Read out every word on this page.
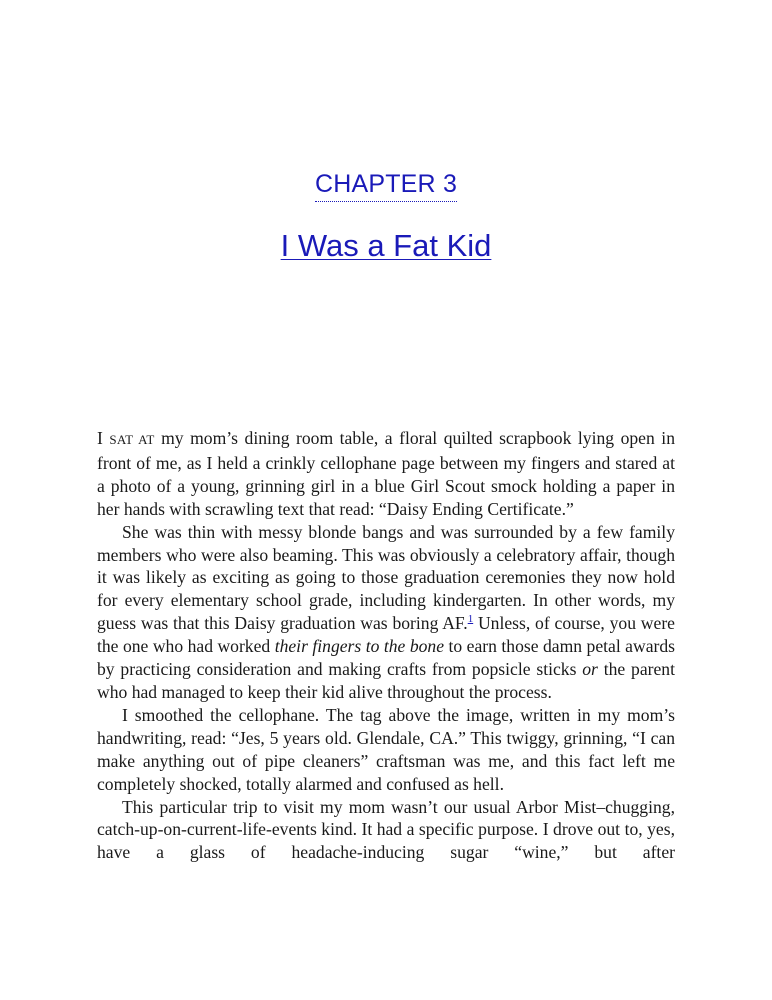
CHAPTER 3
I Was a Fat Kid

I SAT AT my mom’s dining room table, a floral quilted scrapbook lying open in front of me, as I held a crinkly cellophane page between my fingers and stared at a photo of a young, grinning girl in a blue Girl Scout smock holding a paper in her hands with scrawling text that read: “Daisy Ending Certificate.”

She was thin with messy blonde bangs and was surrounded by a few family members who were also beaming. This was obviously a celebratory affair, though it was likely as exciting as going to those graduation ceremonies they now hold for every elementary school grade, including kindergarten. In other words, my guess was that this Daisy graduation was boring AF.$^1$ Unless, of course, you were the one who had worked their fingers to the bone to earn those damn petal awards by practicing consideration and making crafts from popsicle sticks or the parent who had managed to keep their kid alive throughout the process.

I smoothed the cellophane. The tag above the image, written in my mom’s handwriting, read: “Jes, 5 years old. Glendale, CA.” This twiggy, grinning, “I can make anything out of pipe cleaners” craftsman was me, and this fact left me completely shocked, totally alarmed and confused as hell.

This particular trip to visit my mom wasn’t our usual Arbor Mist–chugging, catch-up-on-current-life-events kind. It had a specific purpose. I drove out to, yes, have a glass of headache-inducing sugar “wine,” but after
